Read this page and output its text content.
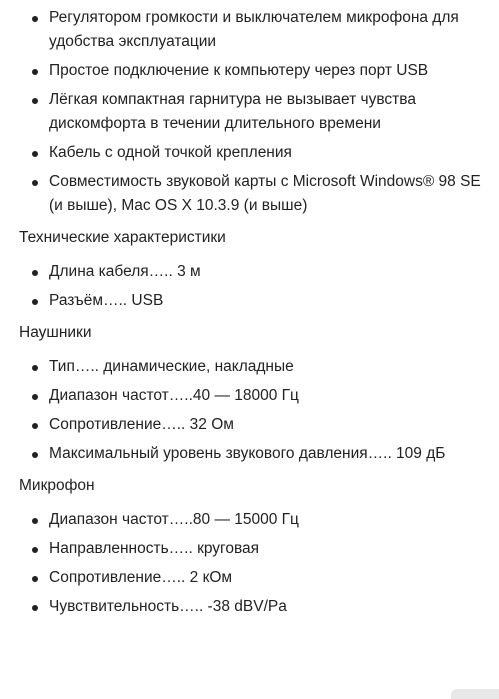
Регулятором громкости и выключателем микрофона для удобства эксплуатации
Простое подключение к компьютеру через порт USB
Лёгкая компактная гарнитура не вызывает чувства дискомфорта в течении длительного времени
Кабель с одной точкой крепления
Совместимость звуковой карты с Microsoft Windows® 98 SE (и выше), Mac OS X 10.3.9 (и выше)
Технические характеристики
Длина кабеля….. 3 м
Разъём….. USB
Наушники
Тип….. динамические, накладные
Диапазон частот…..40 — 18000 Гц
Сопротивление….. 32 Ом
Максимальный уровень звукового давления….. 109 дБ
Микрофон
Диапазон частот…..80 — 15000 Гц
Направленность….. круговая
Сопротивление….. 2 кОм
Чувствительность….. -38 dBV/Pa
